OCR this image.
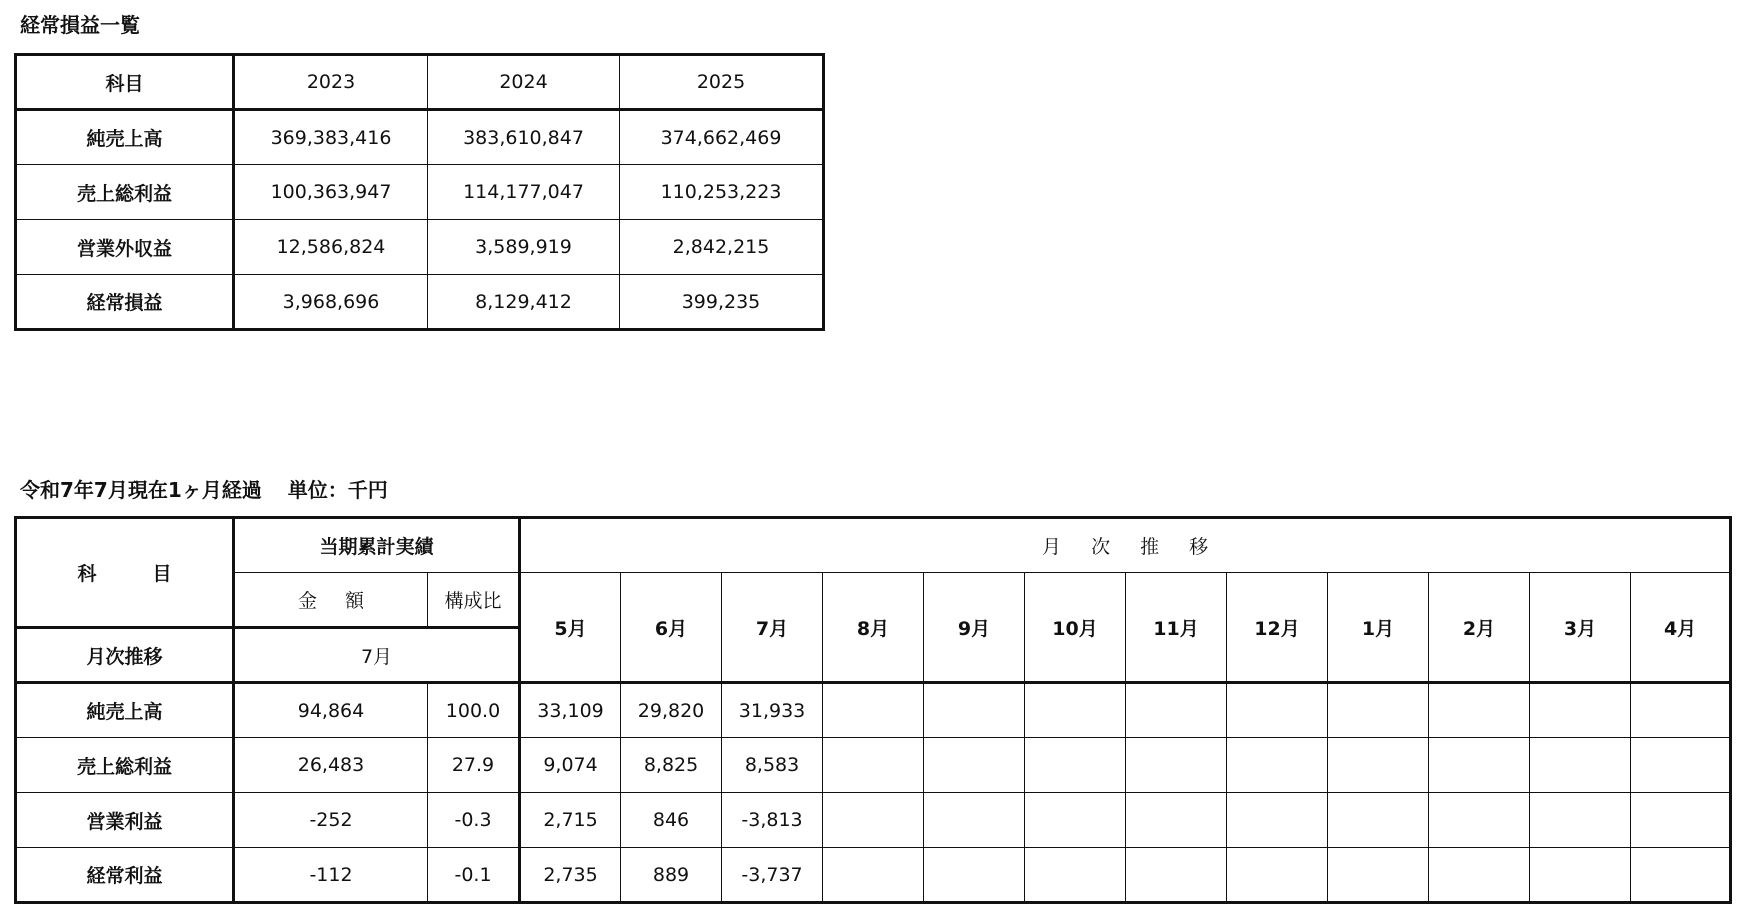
経常損益一覧
科目	2023	2024	2025
純売上高	369,383,416	383,610,847	374,662,469
売上総利益	100,363,947	114,177,047	110,253,223
営業外収益	12,586,824	3,589,919	2,842,215
経常損益	3,968,696	8,129,412	399,235
令和7年7月現在1ヶ月経過 単位：千円
科 目	当期累計実績		月 次 推 移											
	金 額	構成比	5月	6月	7月	8月	9月	10月	11月	12月	1月	2月	3月	4月
月次推移	7月													
純売上高	94,864	100.0	33,109	29,820	31,933									
売上総利益	26,483	27.9	9,074	8,825	8,583									
営業利益	-252	-0.3	2,715	846	-3,813									
経常利益	-112	-0.1	2,735	889	-3,737									
